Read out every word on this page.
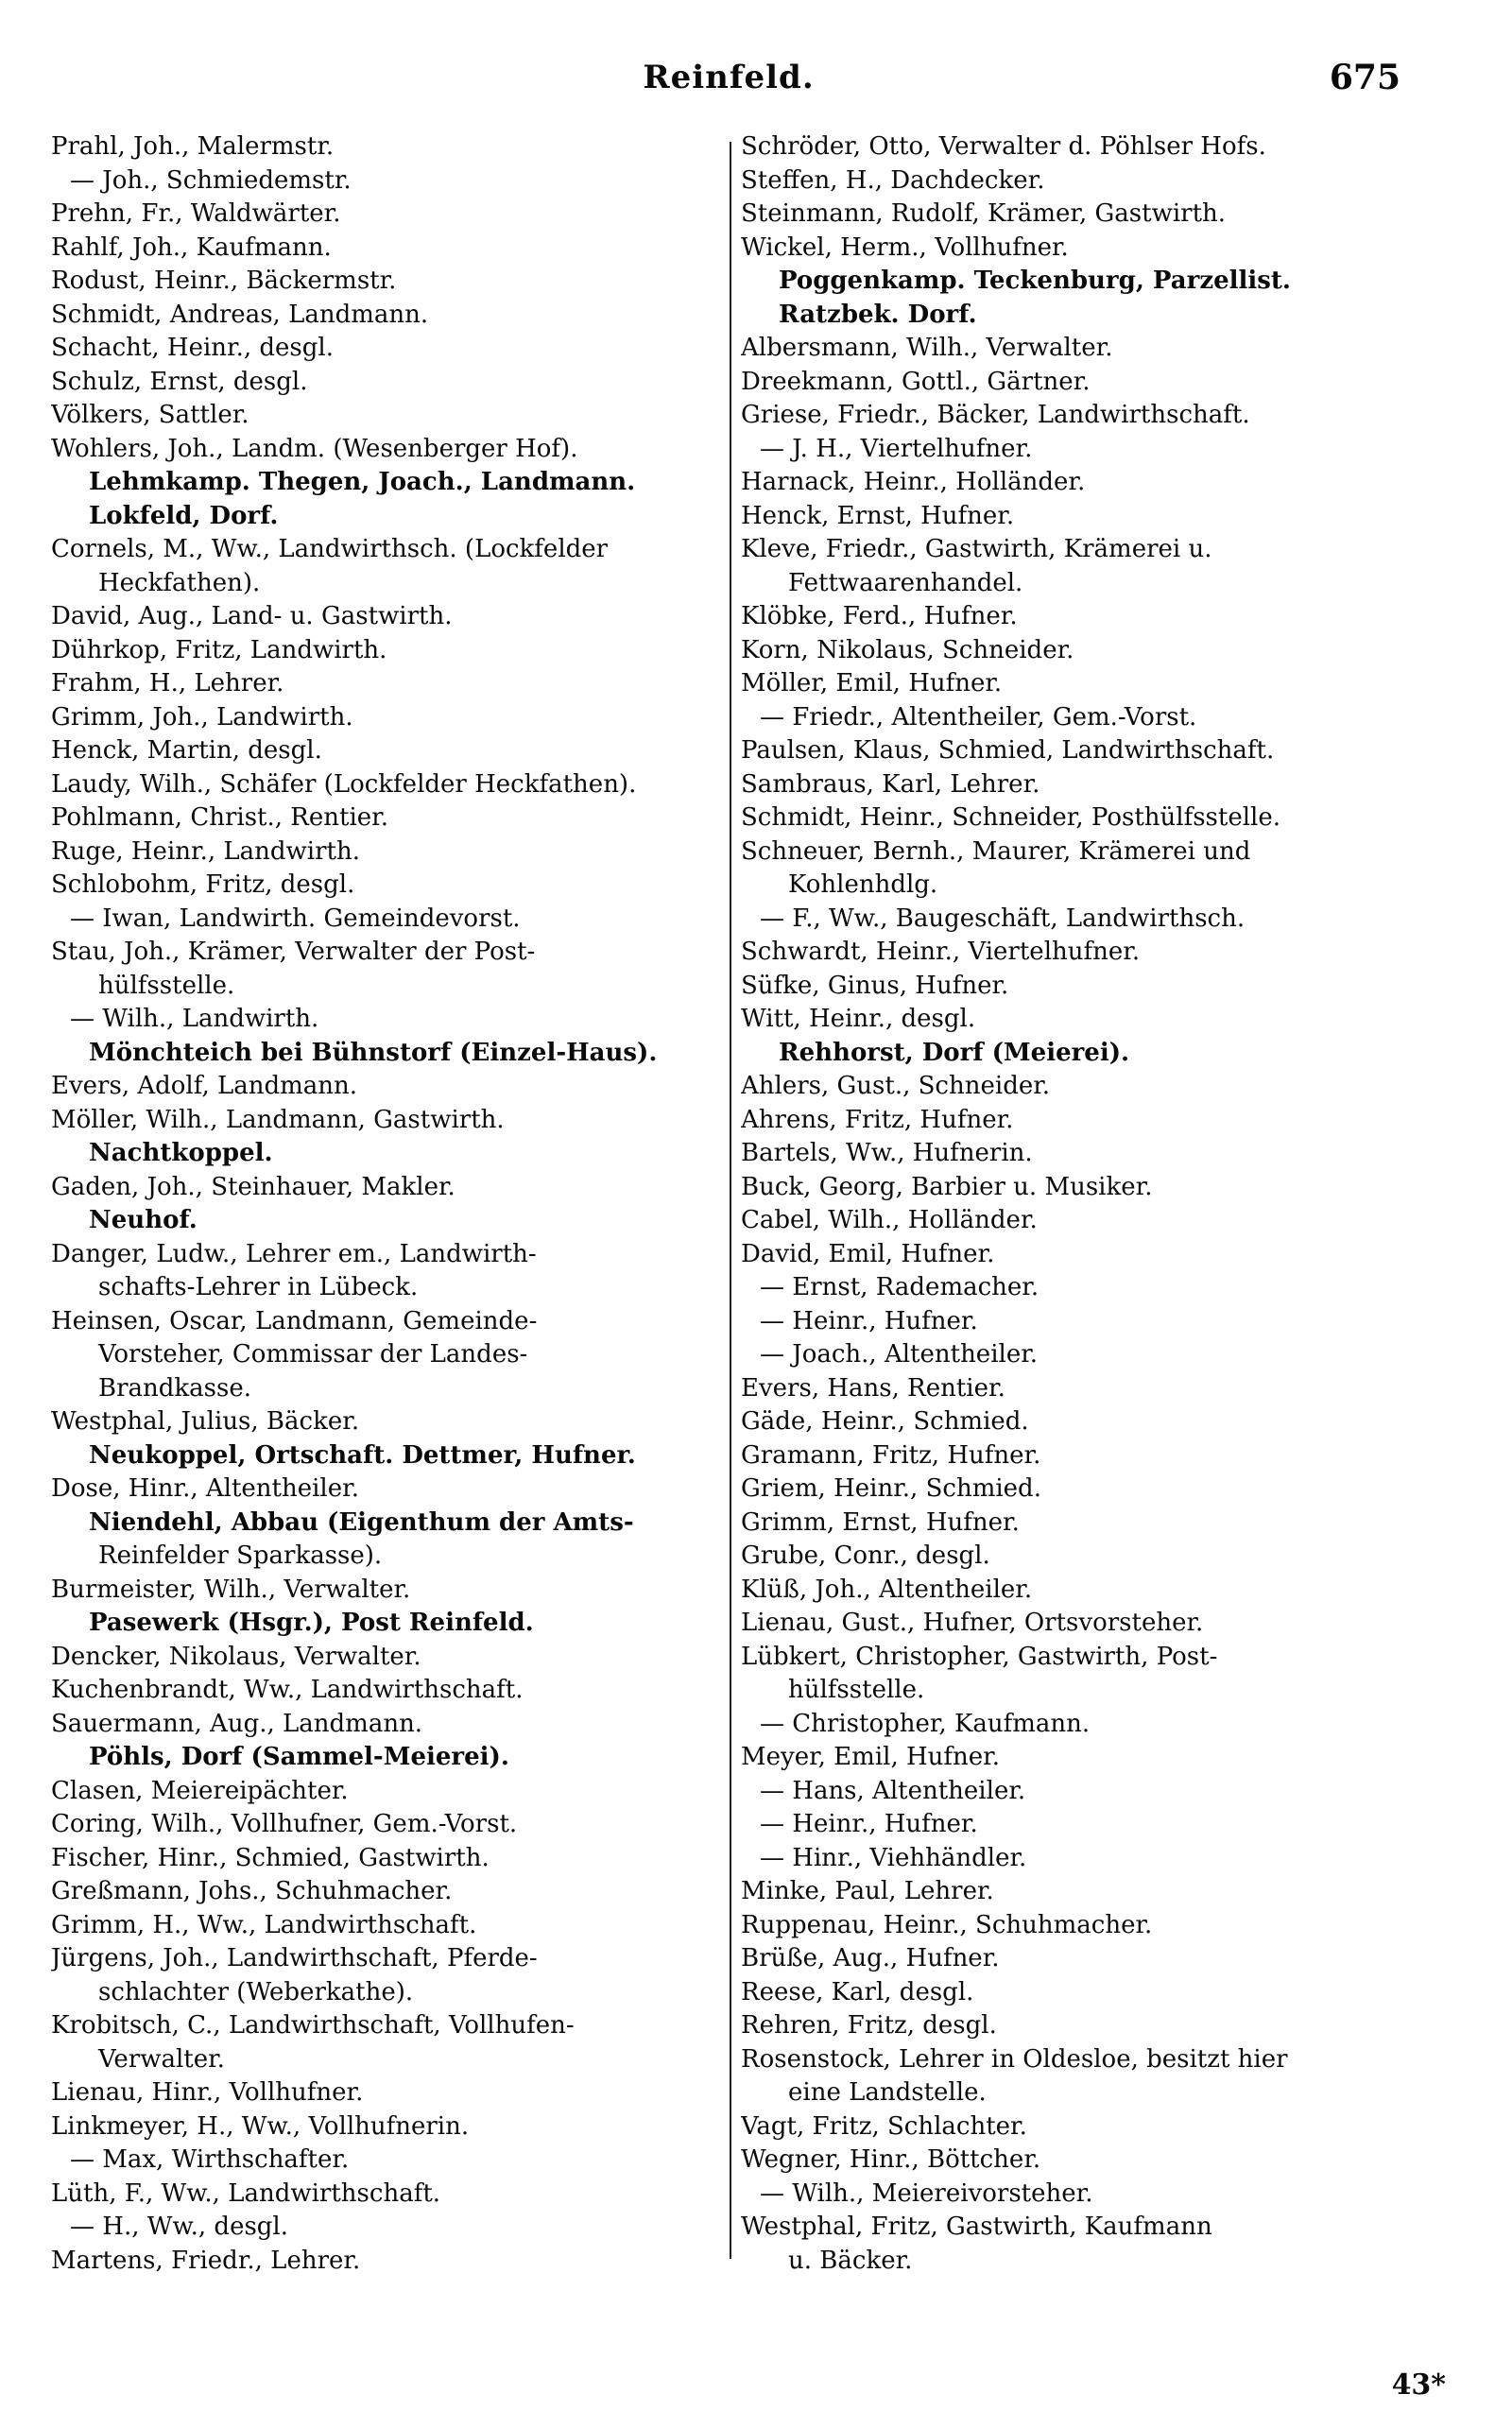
Reinfeld.	675
Prahl, Joh., Malermstr.
— Joh., Schmiedemstr.
Prehn, Fr., Waldwärter.
Rahlf, Joh., Kaufmann.
Rodust, Heinr., Bäckermstr.
Schmidt, Andreas, Landmann.
Schacht, Heinr., desgl.
Schulz, Ernst, desgl.
Völkers, Sattler.
Wohlers, Joh., Landm. (Wesenberger Hof).
Lehmkamp. Thegen, Joach., Landmann.
Lokfeld, Dorf.
Cornels, M., Ww., Landwirthsch. (Lockfelder
Heckfathen).
David, Aug., Land- u. Gastwirth.
Dührkop, Fritz, Landwirth.
Frahm, H., Lehrer.
Grimm, Joh., Landwirth.
Henck, Martin, desgl.
Laudy, Wilh., Schäfer (Lockfelder Heckfathen).
Pohlmann, Christ., Rentier.
Ruge, Heinr., Landwirth.
Schlobohm, Fritz, desgl.
— Iwan, Landwirth. Gemeindevorst.
Stau, Joh., Krämer, Verwalter der Post-
hülfsstelle.
— Wilh., Landwirth.
Mönchteich bei Bühnstorf (Einzel-Haus).
Evers, Adolf, Landmann.
Möller, Wilh., Landmann, Gastwirth.
Nachtkoppel.
Gaden, Joh., Steinhauer, Makler.
Neuhof.
Danger, Ludw., Lehrer em., Landwirth-
schafts-Lehrer in Lübeck.
Heinsen, Oscar, Landmann, Gemeinde-
Vorsteher, Commissar der Landes-
Brandkasse.
Westphal, Julius, Bäcker.
Neukoppel, Ortschaft. Dettmer, Hufner.
Dose, Hinr., Altentheiler.
Niendehl, Abbau (Eigenthum der Amts-
Reinfelder Sparkasse).
Burmeister, Wilh., Verwalter.
Pasewerk (Hsgr.), Post Reinfeld.
Dencker, Nikolaus, Verwalter.
Kuchenbrandt, Ww., Landwirthschaft.
Sauermann, Aug., Landmann.
Pöhls, Dorf (Sammel-Meierei).
Clasen, Meiereipächter.
Coring, Wilh., Vollhufner, Gem.-Vorst.
Fischer, Hinr., Schmied, Gastwirth.
Greßmann, Johs., Schuhmacher.
Grimm, H., Ww., Landwirthschaft.
Jürgens, Joh., Landwirthschaft, Pferde-
schlachter (Weberkathe).
Krobitsch, C., Landwirthschaft, Vollhufen-
Verwalter.
Lienau, Hinr., Vollhufner.
Linkmeyer, H., Ww., Vollhufnerin.
— Max, Wirthschafter.
Lüth, F., Ww., Landwirthschaft.
— H., Ww., desgl.
Martens, Friedr., Lehrer.
Schröder, Otto, Verwalter d. Pöhlser Hofs.
Steffen, H., Dachdecker.
Steinmann, Rudolf, Krämer, Gastwirth.
Wickel, Herm., Vollhufner.
Poggenkamp. Teckenburg, Parzellist.
Ratzbek. Dorf.
Albersmann, Wilh., Verwalter.
Dreekmann, Gottl., Gärtner.
Griese, Friedr., Bäcker, Landwirthschaft.
— J. H., Viertelhufner.
Harnack, Heinr., Holländer.
Henck, Ernst, Hufner.
Kleve, Friedr., Gastwirth, Krämerei u.
Fettwaarenhandel.
Klöbke, Ferd., Hufner.
Korn, Nikolaus, Schneider.
Möller, Emil, Hufner.
— Friedr., Altentheiler, Gem.-Vorst.
Paulsen, Klaus, Schmied, Landwirthschaft.
Sambraus, Karl, Lehrer.
Schmidt, Heinr., Schneider, Posthülfsstelle.
Schneuer, Bernh., Maurer, Krämerei und
Kohlenhdlg.
— F., Ww., Baugeschäft, Landwirthsch.
Schwardt, Heinr., Viertelhufner.
Süfke, Ginus, Hufner.
Witt, Heinr., desgl.
Rehhorst, Dorf (Meierei).
Ahlers, Gust., Schneider.
Ahrens, Fritz, Hufner.
Bartels, Ww., Hufnerin.
Buck, Georg, Barbier u. Musiker.
Cabel, Wilh., Holländer.
David, Emil, Hufner.
— Ernst, Rademacher.
— Heinr., Hufner.
— Joach., Altentheiler.
Evers, Hans, Rentier.
Gäde, Heinr., Schmied.
Gramann, Fritz, Hufner.
Griem, Heinr., Schmied.
Grimm, Ernst, Hufner.
Grube, Conr., desgl.
Klüß, Joh., Altentheiler.
Lienau, Gust., Hufner, Ortsvorsteher.
Lübkert, Christopher, Gastwirth, Post-
hülfsstelle.
— Christopher, Kaufmann.
Meyer, Emil, Hufner.
— Hans, Altentheiler.
— Heinr., Hufner.
— Hinr., Viehhändler.
Minke, Paul, Lehrer.
Ruppenau, Heinr., Schuhmacher.
Brüße, Aug., Hufner.
Reese, Karl, desgl.
Rehren, Fritz, desgl.
Rosenstock, Lehrer in Oldesloe, besitzt hier
eine Landstelle.
Vagt, Fritz, Schlachter.
Wegner, Hinr., Böttcher.
— Wilh., Meiereivorsteher.
Westphal, Fritz, Gastwirth, Kaufmann
u. Bäcker.
43*
